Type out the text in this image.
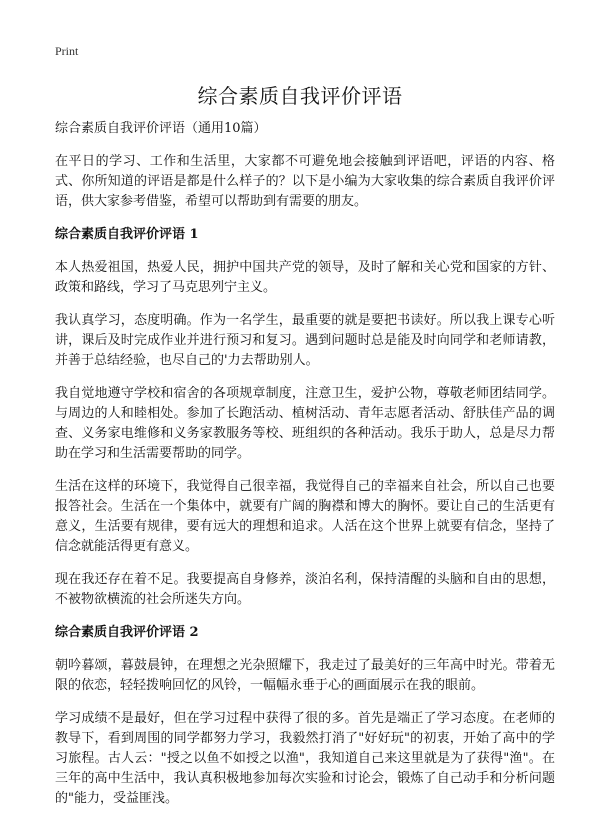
Print
综合素质自我评价评语

综合素质自我评价评语（通用10篇）

在平日的学习、工作和生活里，大家都不可避免地会接触到评语吧，评语的内容、格式、你所知道的评语是都是什么样子的？以下是小编为大家收集的综合素质自我评价评语，供大家参考借鉴，希望可以帮助到有需要的朋友。

综合素质自我评价评语 1

本人热爱祖国，热爱人民，拥护中国共产党的领导，及时了解和关心党和国家的方针、政策和路线，学习了马克思列宁主义。

我认真学习，态度明确。作为一名学生，最重要的就是要把书读好。所以我上课专心听讲，课后及时完成作业并进行预习和复习。遇到问题时总是能及时向同学和老师请教，并善于总结经验，也尽自己的'力去帮助别人。

我自觉地遵守学校和宿舍的各项规章制度，注意卫生，爱护公物，尊敬老师团结同学。与周边的人和睦相处。参加了长跑活动、植树活动、青年志愿者活动、舒肤佳产品的调查、义务家电维修和义务家教服务等校、班组织的各种活动。我乐于助人，总是尽力帮助在学习和生活需要帮助的同学。

生活在这样的环境下，我觉得自己很幸福，我觉得自己的幸福来自社会，所以自己也要报答社会。生活在一个集体中，就要有广阔的胸襟和博大的胸怀。要让自己的生活更有意义，生活要有规律，要有远大的理想和追求。人活在这个世界上就要有信念，坚持了信念就能活得更有意义。

现在我还存在着不足。我要提高自身修养，淡泊名利，保持清醒的头脑和自由的思想，不被物欲横流的社会所迷失方向。

综合素质自我评价评语 2

朝吟暮颂，暮鼓晨钟，在理想之光杂照耀下，我走过了最美好的三年高中时光。带着无限的依恋，轻轻拨响回忆的风铃，一幅幅永垂于心的画面展示在我的眼前。

学习成绩不是最好，但在学习过程中获得了很的多。首先是端正了学习态度。在老师的教导下，看到周围的同学都努力学习，我毅然打消了"好好玩"的初衷，开始了高中的学习旅程。古人云："授之以鱼不如授之以渔"，我知道自己来这里就是为了获得"渔"。在三年的高中生活中，我认真积极地参加每次实验和讨论会，锻炼了自己动手和分析问题的"能力，受益匪浅。
